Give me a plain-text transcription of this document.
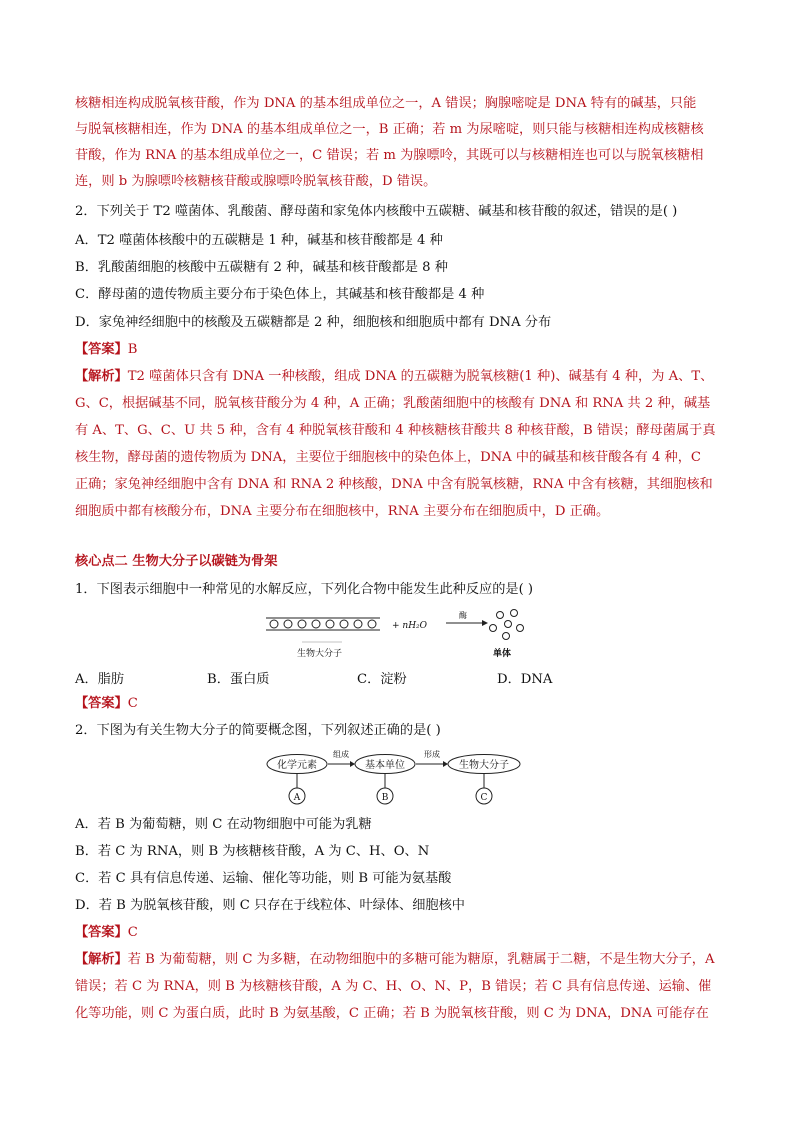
核糖相连构成脱氧核苷酸，作为 DNA 的基本组成单位之一，A 错误；胸腺嘧啶是 DNA 特有的碱基，只能
与脱氧核糖相连，作为 DNA 的基本组成单位之一，B 正确；若 m 为尿嘧啶，则只能与核糖相连构成核糖核
苷酸，作为 RNA 的基本组成单位之一，C 错误；若 m 为腺嘌呤，其既可以与核糖相连也可以与脱氧核糖相
连，则 b 为腺嘌呤核糖核苷酸或腺嘌呤脱氧核苷酸，D 错误。
2．下列关于 T2 噬菌体、乳酸菌、酵母菌和家兔体内核酸中五碳糖、碱基和核苷酸的叙述，错误的是( )
A．T2 噬菌体核酸中的五碳糖是 1 种，碱基和核苷酸都是 4 种
B．乳酸菌细胞的核酸中五碳糖有 2 种，碱基和核苷酸都是 8 种
C．酵母菌的遗传物质主要分布于染色体上，其碱基和核苷酸都是 4 种
D．家兔神经细胞中的核酸及五碳糖都是 2 种，细胞核和细胞质中都有 DNA 分布
【答案】B
【解析】T2 噬菌体只含有 DNA 一种核酸，组成 DNA 的五碳糖为脱氧核糖(1 种)、碱基有 4 种，为 A、T、
G、C，根据碱基不同，脱氧核苷酸分为 4 种，A 正确；乳酸菌细胞中的核酸有 DNA 和 RNA 共 2 种，碱基
有 A、T、G、C、U 共 5 种，含有 4 种脱氧核苷酸和 4 种核糖核苷酸共 8 种核苷酸，B 错误；酵母菌属于真
核生物，酵母菌的遗传物质为 DNA，主要位于细胞核中的染色体上，DNA 中的碱基和核苷酸各有 4 种，C
正确；家兔神经细胞中含有 DNA 和 RNA 2 种核酸，DNA 中含有脱氧核糖，RNA 中含有核糖，其细胞核和
细胞质中都有核酸分布，DNA 主要分布在细胞核中，RNA 主要分布在细胞质中，D 正确。
核心点二 生物大分子以碳链为骨架
1．下图表示细胞中一种常见的水解反应，下列化合物中能发生此种反应的是( )
+ nH₂O
酶
生物大分子	单体
A．脂肪	B．蛋白质	C．淀粉	D．DNA
【答案】C
2．下图为有关生物大分子的简要概念图，下列叙述正确的是( )
化学元素	基本单位	生物大分子
组成	形成
A	B	C
A．若 B 为葡萄糖，则 C 在动物细胞中可能为乳糖
B．若 C 为 RNA，则 B 为核糖核苷酸，A 为 C、H、O、N
C．若 C 具有信息传递、运输、催化等功能，则 B 可能为氨基酸
D．若 B 为脱氧核苷酸，则 C 只存在于线粒体、叶绿体、细胞核中
【答案】C
【解析】若 B 为葡萄糖，则 C 为多糖，在动物细胞中的多糖可能为糖原，乳糖属于二糖，不是生物大分子，A
错误；若 C 为 RNA，则 B 为核糖核苷酸，A 为 C、H、O、N、P，B 错误；若 C 具有信息传递、运输、催
化等功能，则 C 为蛋白质，此时 B 为氨基酸，C 正确；若 B 为脱氧核苷酸，则 C 为 DNA，DNA 可能存在
